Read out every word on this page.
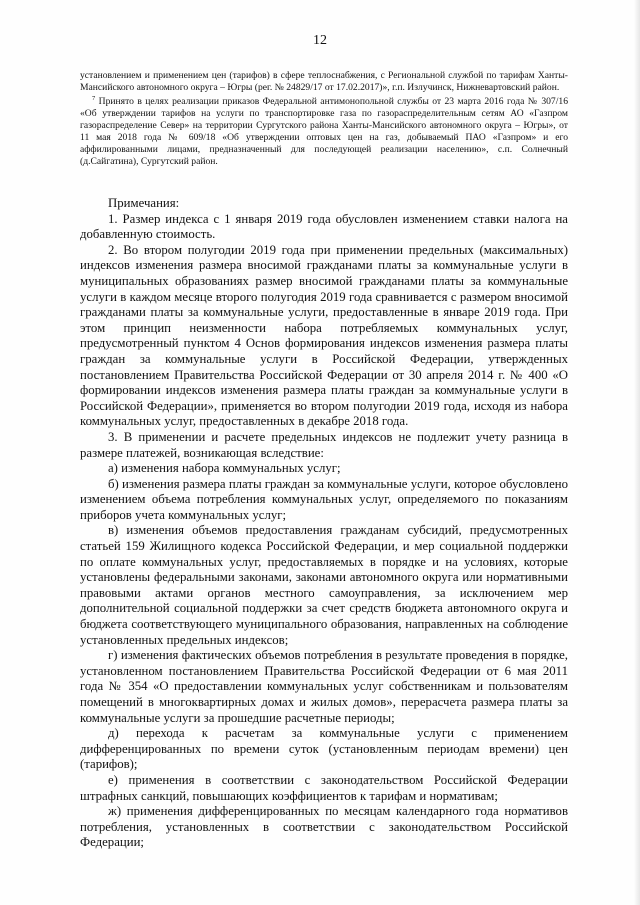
12

установлением и применением цен (тарифов) в сфере теплоснабжения, с Региональной службой по тарифам Ханты-Мансийского автономного округа – Югры (рег. № 24829/17 от 17.02.2017)», г.п. Излучинск, Нижневартовский район.

$^7$ Принято в целях реализации приказов Федеральной антимонопольной службы от 23 марта 2016 года № 307/16 «Об утверждении тарифов на услуги по транспортировке газа по газораспределительным сетям АО «Газпром газораспределение Север» на территории Сургутского района Ханты-Мансийского автономного округа – Югры», от 11 мая 2018 года № 609/18 «Об утверждении оптовых цен на газ, добываемый ПАО «Газпром» и его аффилированными лицами, предназначенный для последующей реализации населению», с.п. Солнечный (д.Сайгатина), Сургутский район.

Примечания:

1. Размер индекса с 1 января 2019 года обусловлен изменением ставки налога на добавленную стоимость.

2. Во втором полугодии 2019 года при применении предельных (максимальных) индексов изменения размера вносимой гражданами платы за коммунальные услуги в муниципальных образованиях размер вносимой гражданами платы за коммунальные услуги в каждом месяце второго полугодия 2019 года сравнивается с размером вносимой гражданами платы за коммунальные услуги, предоставленные в январе 2019 года. При этом принцип неизменности набора потребляемых коммунальных услуг, предусмотренный пунктом 4 Основ формирования индексов изменения размера платы граждан за коммунальные услуги в Российской Федерации, утвержденных постановлением Правительства Российской Федерации от 30 апреля 2014 г. № 400 «О формировании индексов изменения размера платы граждан за коммунальные услуги в Российской Федерации», применяется во втором полугодии 2019 года, исходя из набора коммунальных услуг, предоставленных в декабре 2018 года.

3. В применении и расчете предельных индексов не подлежит учету разница в размере платежей, возникающая вследствие:

а) изменения набора коммунальных услуг;

б) изменения размера платы граждан за коммунальные услуги, которое обусловлено изменением объема потребления коммунальных услуг, определяемого по показаниям приборов учета коммунальных услуг;

в) изменения объемов предоставления гражданам субсидий, предусмотренных статьей 159 Жилищного кодекса Российской Федерации, и мер социальной поддержки по оплате коммунальных услуг, предоставляемых в порядке и на условиях, которые установлены федеральными законами, законами автономного округа или нормативными правовыми актами органов местного самоуправления, за исключением мер дополнительной социальной поддержки за счет средств бюджета автономного округа и бюджета соответствующего муниципального образования, направленных на соблюдение установленных предельных индексов;

г) изменения фактических объемов потребления в результате проведения в порядке, установленном постановлением Правительства Российской Федерации от 6 мая 2011 года № 354 «О предоставлении коммунальных услуг собственникам и пользователям помещений в многоквартирных домах и жилых домов», перерасчета размера платы за коммунальные услуги за прошедшие расчетные периоды;

д) перехода к расчетам за коммунальные услуги с применением дифференцированных по времени суток (установленным периодам времени) цен (тарифов);

е) применения в соответствии с законодательством Российской Федерации штрафных санкций, повышающих коэффициентов к тарифам и нормативам;

ж) применения дифференцированных по месяцам календарного года нормативов потребления, установленных в соответствии с законодательством Российской Федерации;
